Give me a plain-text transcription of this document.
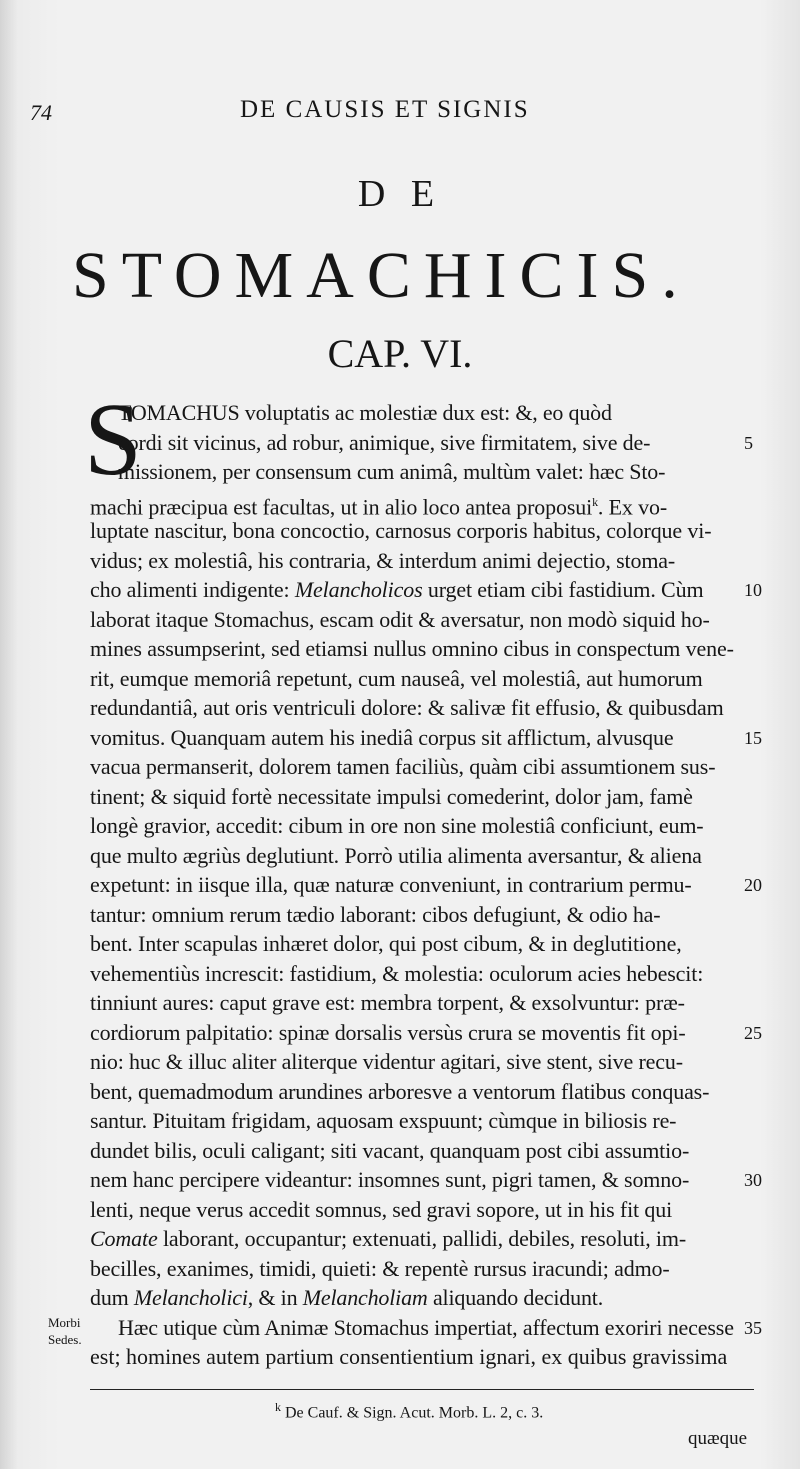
74	DE CAUSIS ET SIGNIS
D E
STOMACHICIS.
CAP. VI.
S
TOMACHUS voluptatis ac molestiæ dux est: &, eo quòd
cordi sit vicinus, ad robur, animique, sive firmitatem, sive de-
missionem, per consensum cum animâ, multùm valet: hæc Sto-
machi præcipua est facultas, ut in alio loco antea proposui$^k$. Ex vo-
luptate nascitur, bona concoctio, carnosus corporis habitus, colorque vi-
vidus; ex molestiâ, his contraria, & interdum animi dejectio, stoma-
cho alimenti indigente: Melancholicos urget etiam cibi fastidium. Cùm
laborat itaque Stomachus, escam odit & aversatur, non modò siquid ho-
mines assumpserint, sed etiamsi nullus omnino cibus in conspectum vene-
rit, eumque memoriâ repetunt, cum nauseâ, vel molestiâ, aut humorum
redundantiâ, aut oris ventriculi dolore: & salivæ fit effusio, & quibusdam
vomitus. Quanquam autem his inediâ corpus sit afflictum, alvusque
vacua permanserit, dolorem tamen faciliùs, quàm cibi assumtionem sus-
tinent; & siquid fortè necessitate impulsi comederint, dolor jam, famè
longè gravior, accedit: cibum in ore non sine molestiâ conficiunt, eum-
que multo ægriùs deglutiunt. Porrò utilia alimenta aversantur, & aliena
expetunt: in iisque illa, quæ naturæ conveniunt, in contrarium permu-
tantur: omnium rerum tædio laborant: cibos defugiunt, & odio ha-
bent. Inter scapulas inhæret dolor, qui post cibum, & in deglutitione,
vehementiùs increscit: fastidium, & molestia: oculorum acies hebescit:
tinniunt aures: caput grave est: membra torpent, & exsolvuntur: præ-
cordiorum palpitatio: spinæ dorsalis versùs crura se moventis fit opi-
nio: huc & illuc aliter aliterque videntur agitari, sive stent, sive recu-
bent, quemadmodum arundines arboresve a ventorum flatibus conquas-
santur. Pituitam frigidam, aquosam exspuunt; cùmque in biliosis re-
dundet bilis, oculi caligant; siti vacant, quanquam post cibi assumtio-
nem hanc percipere videantur: insomnes sunt, pigri tamen, & somno-
lenti, neque verus accedit somnus, sed gravi sopore, ut in his fit qui
Comate laborant, occupantur; extenuati, pallidi, debiles, resoluti, im-
becilles, exanimes, timidi, quieti: & repentè rursus iracundi; admo-
dum Melancholici, & in Melancholiam aliquando decidunt.
Hæc utique cùm Animæ Stomachus impertiat, affectum exoriri necesse
est; homines autem partium consentientium ignari, ex quibus gravissima
5
10
15
20
25
30
35
Morbi
Sedes.
$^k$ De Cauf. & Sign. Acut. Morb. L. 2, c. 3.
quæque
